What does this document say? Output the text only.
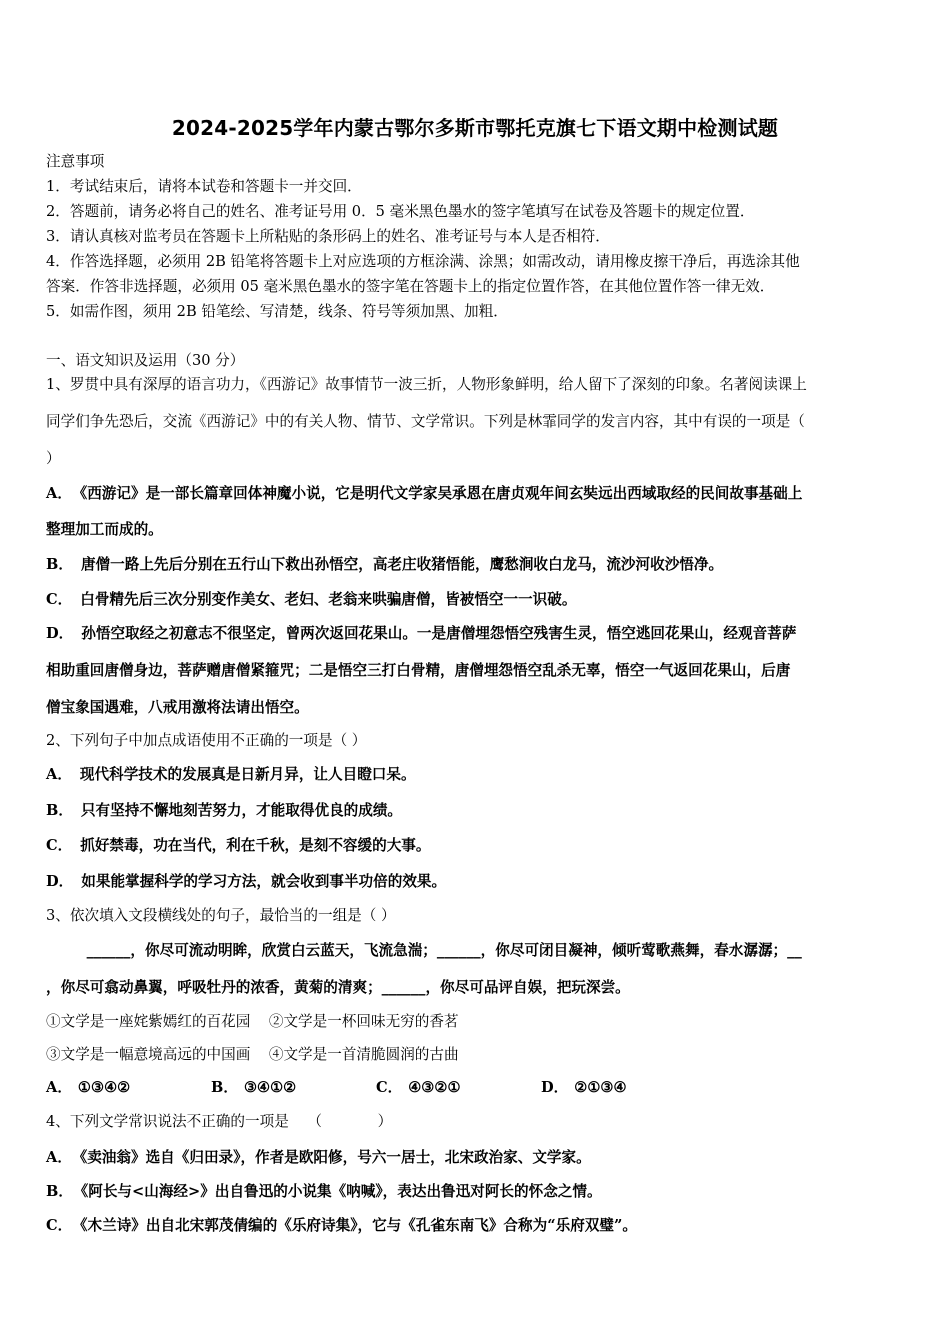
2024-2025学年内蒙古鄂尔多斯市鄂托克旗七下语文期中检测试题
注意事项
1．考试结束后，请将本试卷和答题卡一并交回．
2．答题前，请务必将自己的姓名、准考证号用 0．5 毫米黑色墨水的签字笔填写在试卷及答题卡的规定位置．
3．请认真核对监考员在答题卡上所粘贴的条形码上的姓名、准考证号与本人是否相符．
4．作答选择题，必须用 2B 铅笔将答题卡上对应选项的方框涂满、涂黑；如需改动，请用橡皮擦干净后，再选涂其他
答案．作答非选择题，必须用 05 毫米黑色墨水的签字笔在答题卡上的指定位置作答，在其他位置作答一律无效．
5．如需作图，须用 2B 铅笔绘、写清楚，线条、符号等须加黑、加粗．
一、语文知识及运用（30 分）
1、罗贯中具有深厚的语言功力，《西游记》故事情节一波三折，人物形象鲜明，给人留下了深刻的印象。名著阅读课上
同学们争先恐后，交流《西游记》中的有关人物、情节、文学常识。下列是林霏同学的发言内容，其中有误的一项是（
）
A． 《西游记》是一部长篇章回体神魔小说，它是明代文学家吴承恩在唐贞观年间玄奘远出西域取经的民间故事基础上
整理加工而成的。
B． 唐僧一路上先后分别在五行山下救出孙悟空，高老庄收猪悟能，鹰愁涧收白龙马，流沙河收沙悟净。
C． 白骨精先后三次分别变作美女、老妇、老翁来哄骗唐僧，皆被悟空一一识破。
D． 孙悟空取经之初意志不很坚定，曾两次返回花果山。一是唐僧埋怨悟空残害生灵，悟空逃回花果山，经观音菩萨
相助重回唐僧身边，菩萨赠唐僧紧箍咒；二是悟空三打白骨精，唐僧埋怨悟空乱杀无辜，悟空一气返回花果山，后唐
僧宝象国遇难，八戒用激将法请出悟空。
2、下列句子中加点成语使用不正确的一项是（ ）
A． 现代科学技术的发展真是日新月异，让人目瞪口呆。
B． 只有坚持不懈地刻苦努力，才能取得优良的成绩。
C． 抓好禁毒，功在当代，利在千秋，是刻不容缓的大事。
D． 如果能掌握科学的学习方法，就会收到事半功倍的效果。
3、依次填入文段横线处的句子，最恰当的一组是（ ）
______，你尽可流动明眸，欣赏白云蓝天，飞流急湍；______，你尽可闭目凝神，倾听莺歌燕舞，春水潺潺；__
，你尽可翕动鼻翼，呼吸牡丹的浓香，黄菊的清爽；______，你尽可品评自娱，把玩深尝。
①文学是一座姹紫嫣红的百花园    ②文学是一杯回味无穷的香茗
③文学是一幅意境高远的中国画    ④文学是一首清脆圆润的古曲
A． ①③④②	B． ③④①②	C． ④③②①	D． ②①③④
4、下列文学常识说法不正确的一项是    （            ）
A． 《卖油翁》选自《归田录》，作者是欧阳修，号六一居士，北宋政治家、文学家。
B． 《阿长与<山海经>》出自鲁迅的小说集《呐喊》，表达出鲁迅对阿长的怀念之情。
C． 《木兰诗》出自北宋郭茂倩编的《乐府诗集》，它与《孔雀东南飞》合称为“乐府双璧”。
